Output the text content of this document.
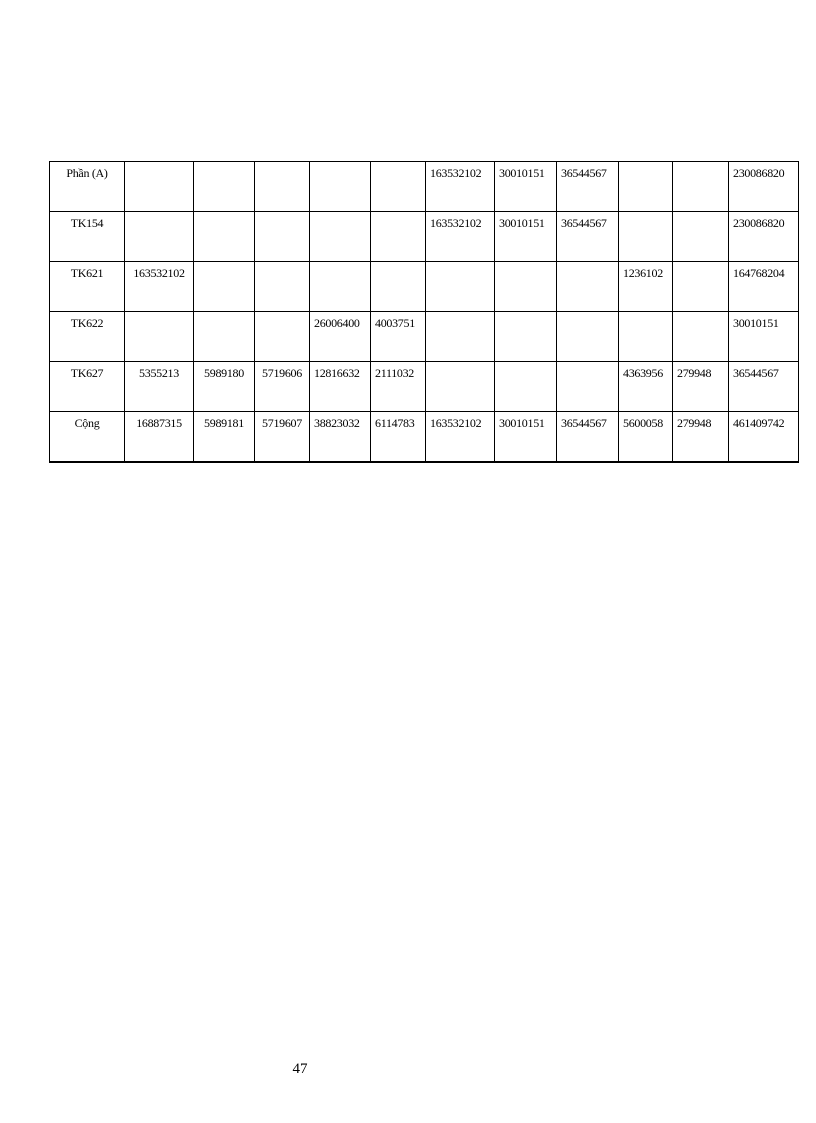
Phần (A)						163532102	30010151	36544567			230086820
TK154						163532102	30010151	36544567			230086820
TK621	163532102								1236102		164768204
TK622				26006400	4003751						30010151
TK627	5355213	5989180	5719606	12816632	2111032				4363956	279948	36544567
Cộng	16887315	5989181	5719607	38823032	6114783	163532102	30010151	36544567	5600058	279948	461409742
47
